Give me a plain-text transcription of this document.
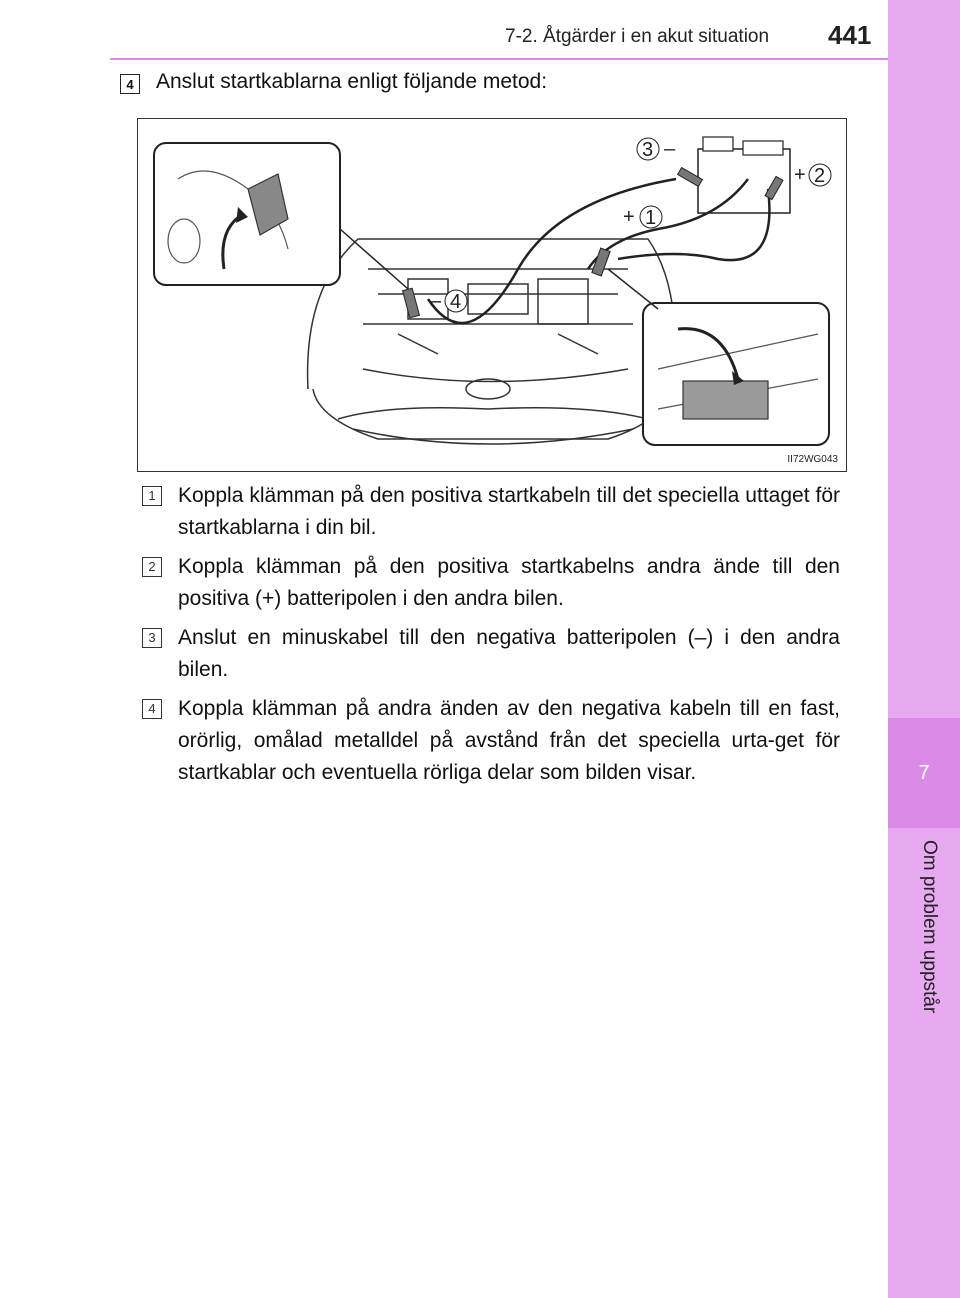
7
Om problem uppstår
7-2. Åtgärder i en akut situation 441
4	Anslut startkablarna enligt följande metod:
3 –
2
+
1
+
4
–
II72WG043
1	Koppla klämman på den positiva startkabeln till det speciella uttaget för startkablarna i din bil.
2	Koppla klämman på den positiva startkabelns andra ände till den positiva (+) batteripolen i den andra bilen.
3	Anslut en minuskabel till den negativa batteripolen (–) i den andra bilen.
4	Koppla klämman på andra änden av den negativa kabeln till en fast, orörlig, omålad metalldel på avstånd från det speciella urta-get för startkablar och eventuella rörliga delar som bilden visar.
